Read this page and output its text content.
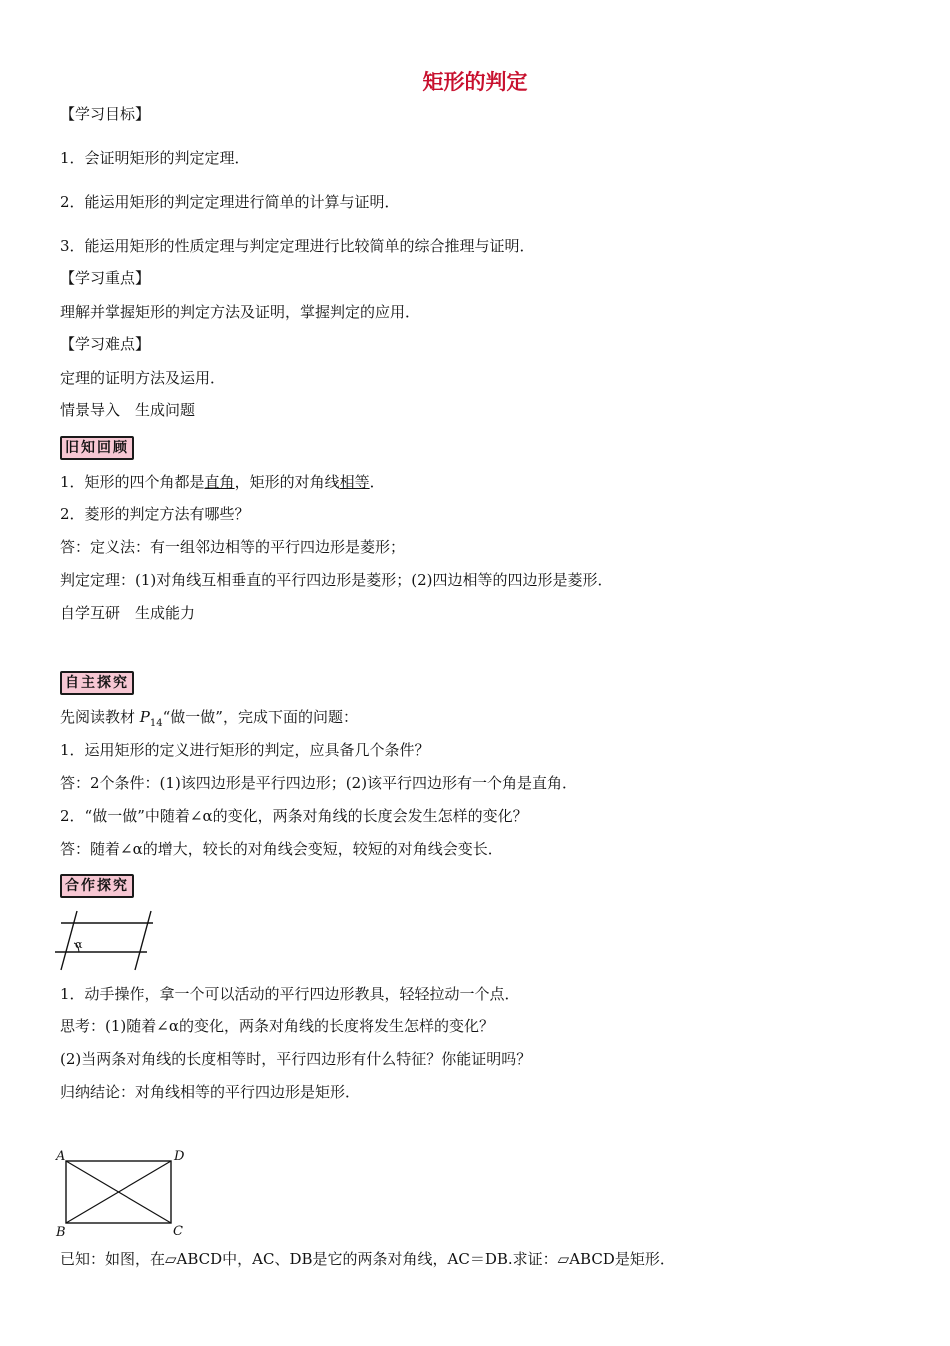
矩形的判定
【学习目标】
1．会证明矩形的判定定理．
2．能运用矩形的判定定理进行简单的计算与证明．
3．能运用矩形的性质定理与判定定理进行比较简单的综合推理与证明．
【学习重点】
理解并掌握矩形的判定方法及证明，掌握判定的应用．
【学习难点】
定理的证明方法及运用．
情景导入　生成问题
旧知回顾
1．矩形的四个角都是直角，矩形的对角线相等．
2．菱形的判定方法有哪些？
答：定义法：有一组邻边相等的平行四边形是菱形；
判定定理：(1)对角线互相垂直的平行四边形是菱形；(2)四边相等的四边形是菱形．
自学互研　生成能力
自主探究
先阅读教材 $P_{14}“$做一做”，完成下面的问题：
1．运用矩形的定义进行矩形的判定，应具备几个条件？
答：2个条件：(1)该四边形是平行四边形；(2)该平行四边形有一个角是直角．
2．“做一做”中随着∠α的变化，两条对角线的长度会发生怎样的变化？
答：随着∠α的增大，较长的对角线会变短，较短的对角线会变长．
合作探究
α
1．动手操作，拿一个可以活动的平行四边形教具，轻轻拉动一个点．
思考：(1)随着∠α的变化，两条对角线的长度将发生怎样的变化？
(2)当两条对角线的长度相等时，平行四边形有什么特征？你能证明吗？
归纳结论：对角线相等的平行四边形是矩形．
A	D
B	C
已知：如图，在▱ABCD中，AC、DB是它的两条对角线，AC＝DB.求证：▱ABCD是矩形．
